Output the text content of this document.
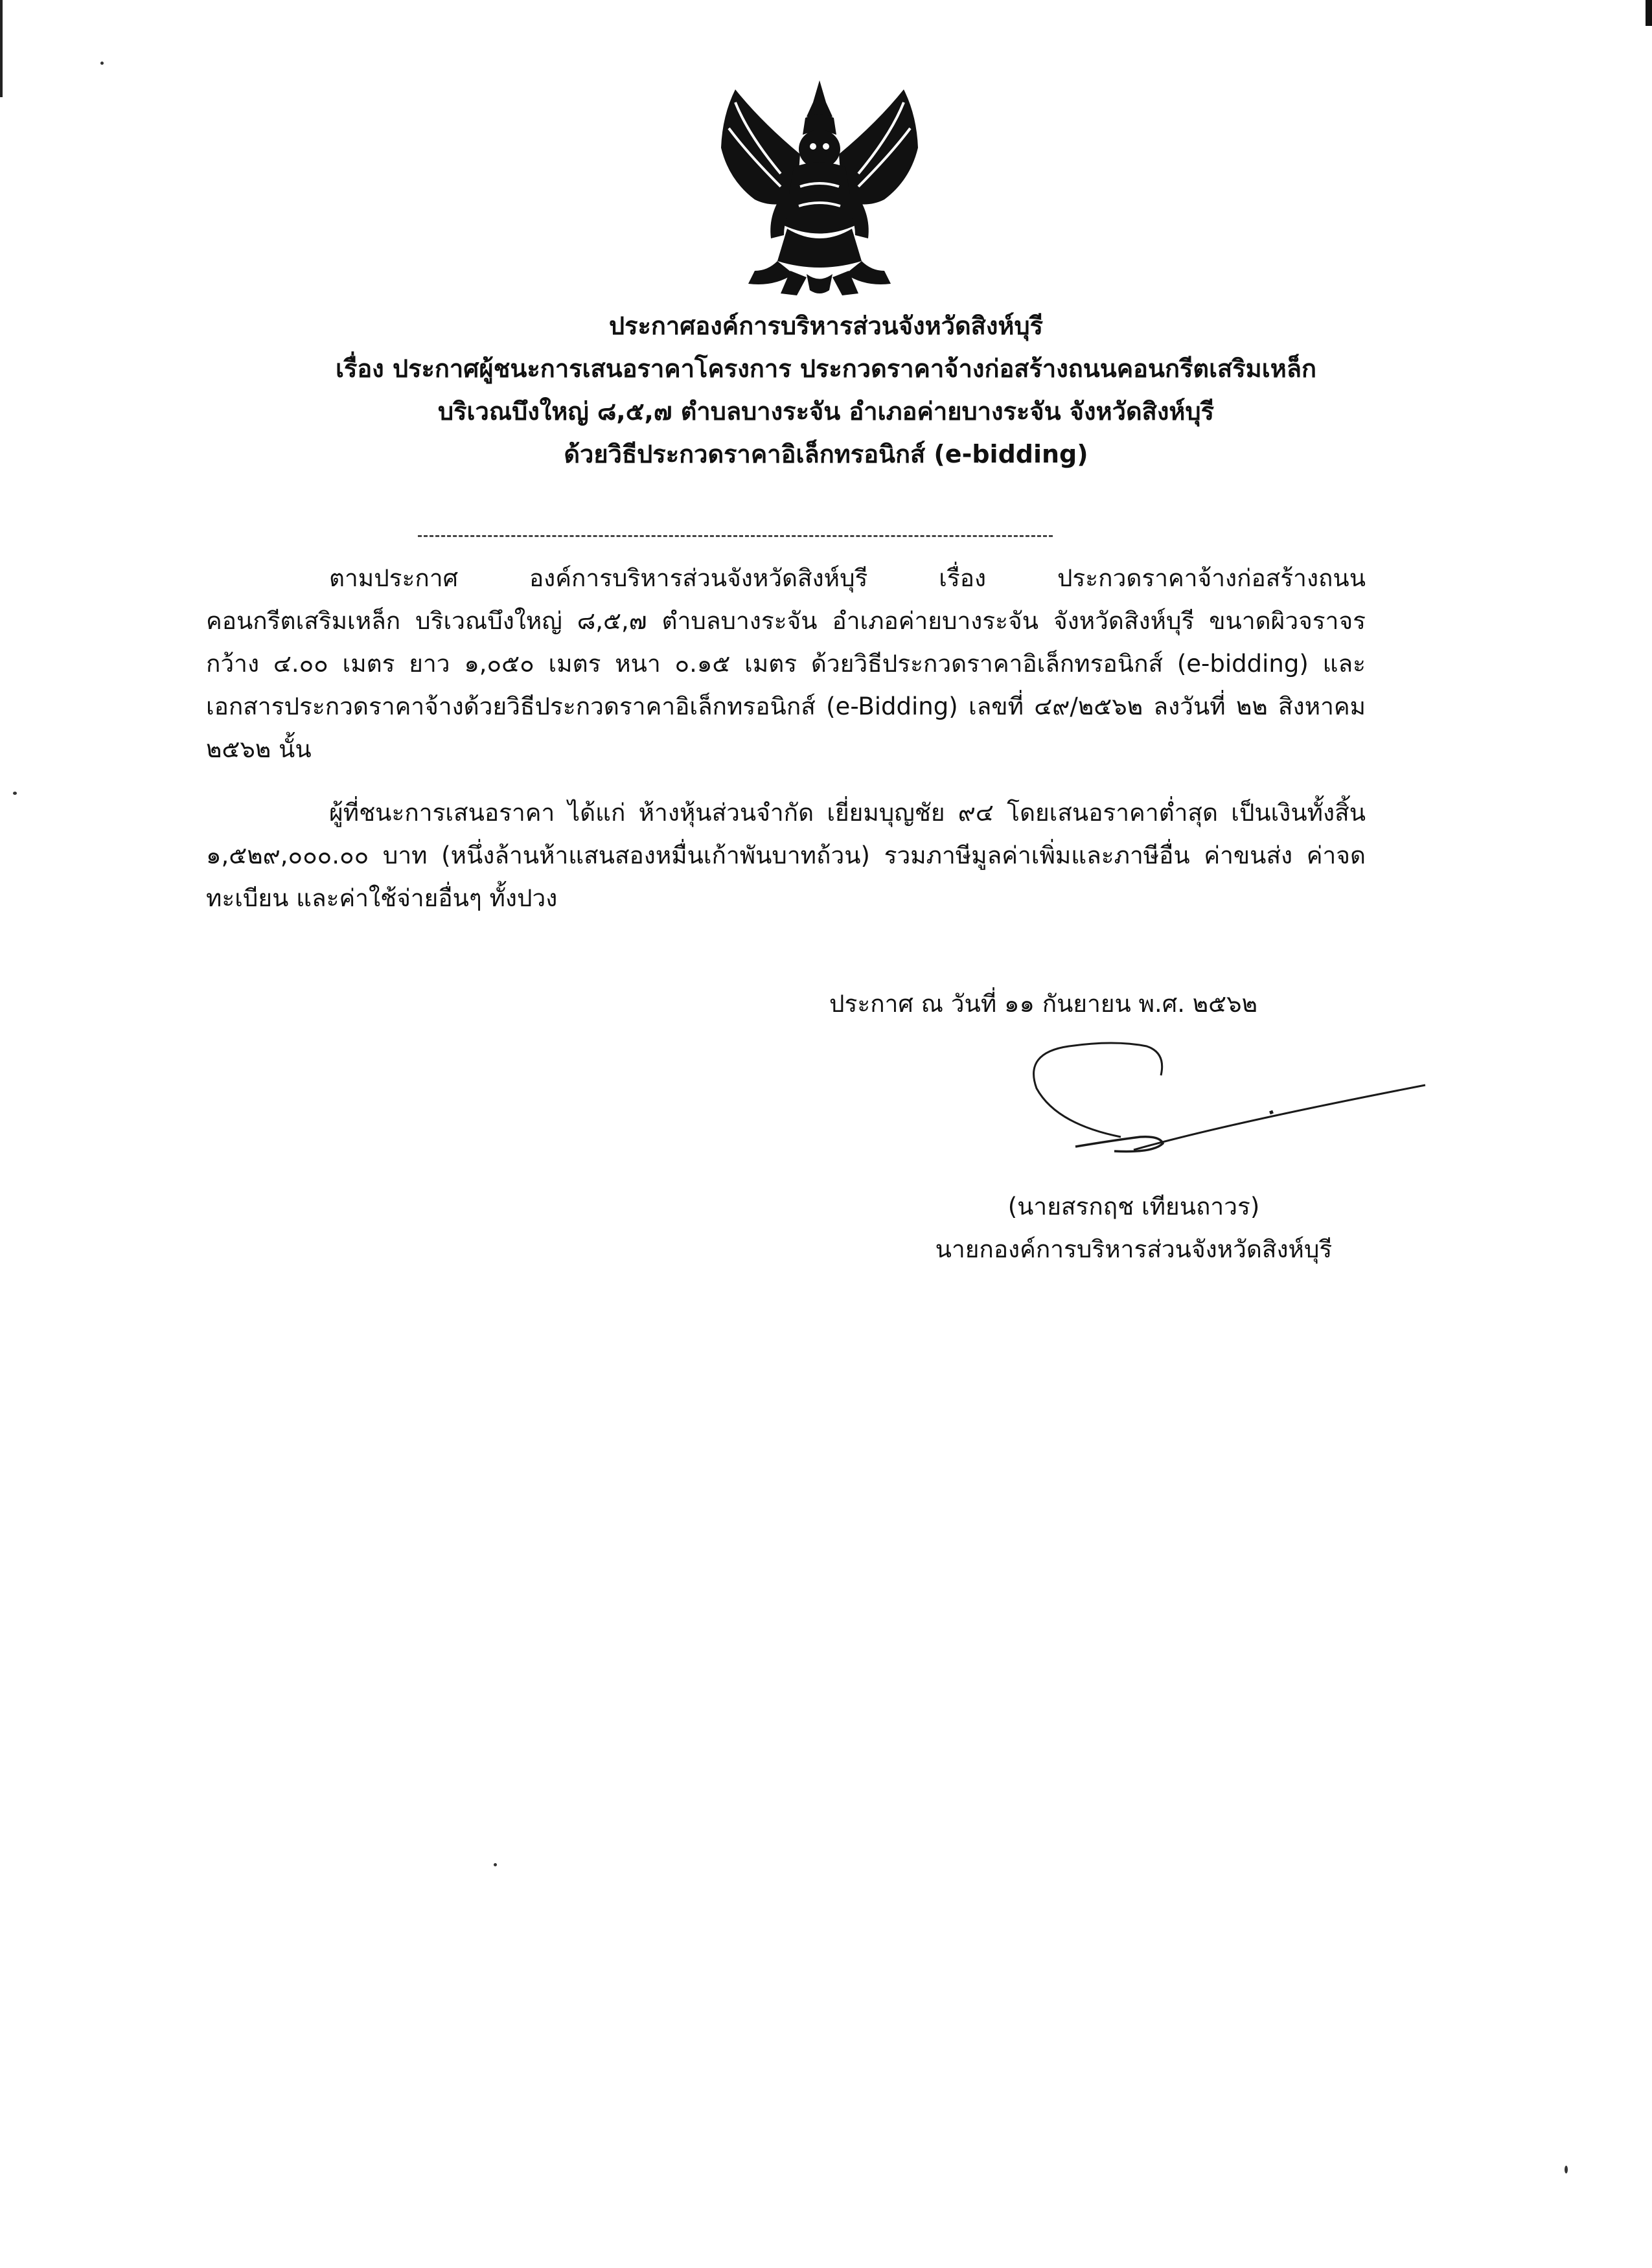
ประกาศองค์การบริหารส่วนจังหวัดสิงห์บุรี
เรื่อง ประกาศผู้ชนะการเสนอราคาโครงการ ประกวดราคาจ้างก่อสร้างถนนคอนกรีตเสริมเหล็ก
บริเวณบึงใหญ่ ๘,๕,๗ ตำบลบางระจัน อำเภอค่ายบางระจัน จังหวัดสิงห์บุรี
ด้วยวิธีประกวดราคาอิเล็กทรอนิกส์ (e-bidding)

ตามประกาศ องค์การบริหารส่วนจังหวัดสิงห์บุรี เรื่อง ประกวดราคาจ้างก่อสร้างถนนคอนกรีตเสริมเหล็ก บริเวณบึงใหญ่ ๘,๕,๗ ตำบลบางระจัน อำเภอค่ายบางระจัน จังหวัดสิงห์บุรี ขนาดผิวจราจรกว้าง ๔.๐๐ เมตร ยาว ๑,๐๕๐ เมตร หนา ๐.๑๕ เมตร ด้วยวิธีประกวดราคาอิเล็กทรอนิกส์ (e-bidding) และเอกสารประกวดราคาจ้างด้วยวิธีประกวดราคาอิเล็กทรอนิกส์ (e-Bidding) เลขที่ ๔๙/๒๕๖๒ ลงวันที่ ๒๒ สิงหาคม ๒๕๖๒ นั้น

ผู้ที่ชนะการเสนอราคา ได้แก่ ห้างหุ้นส่วนจำกัด เยี่ยมบุญชัย ๙๔ โดยเสนอราคาต่ำสุด เป็นเงินทั้งสิ้น ๑,๕๒๙,๐๐๐.๐๐ บาท (หนึ่งล้านห้าแสนสองหมื่นเก้าพันบาทถ้วน) รวมภาษีมูลค่าเพิ่มและภาษีอื่น ค่าขนส่ง ค่าจดทะเบียน และค่าใช้จ่ายอื่นๆ ทั้งปวง

ประกาศ ณ วันที่ ๑๑ กันยายน พ.ศ. ๒๕๖๒
(นายสรกฤช เทียนถาวร)
นายกองค์การบริหารส่วนจังหวัดสิงห์บุรี
